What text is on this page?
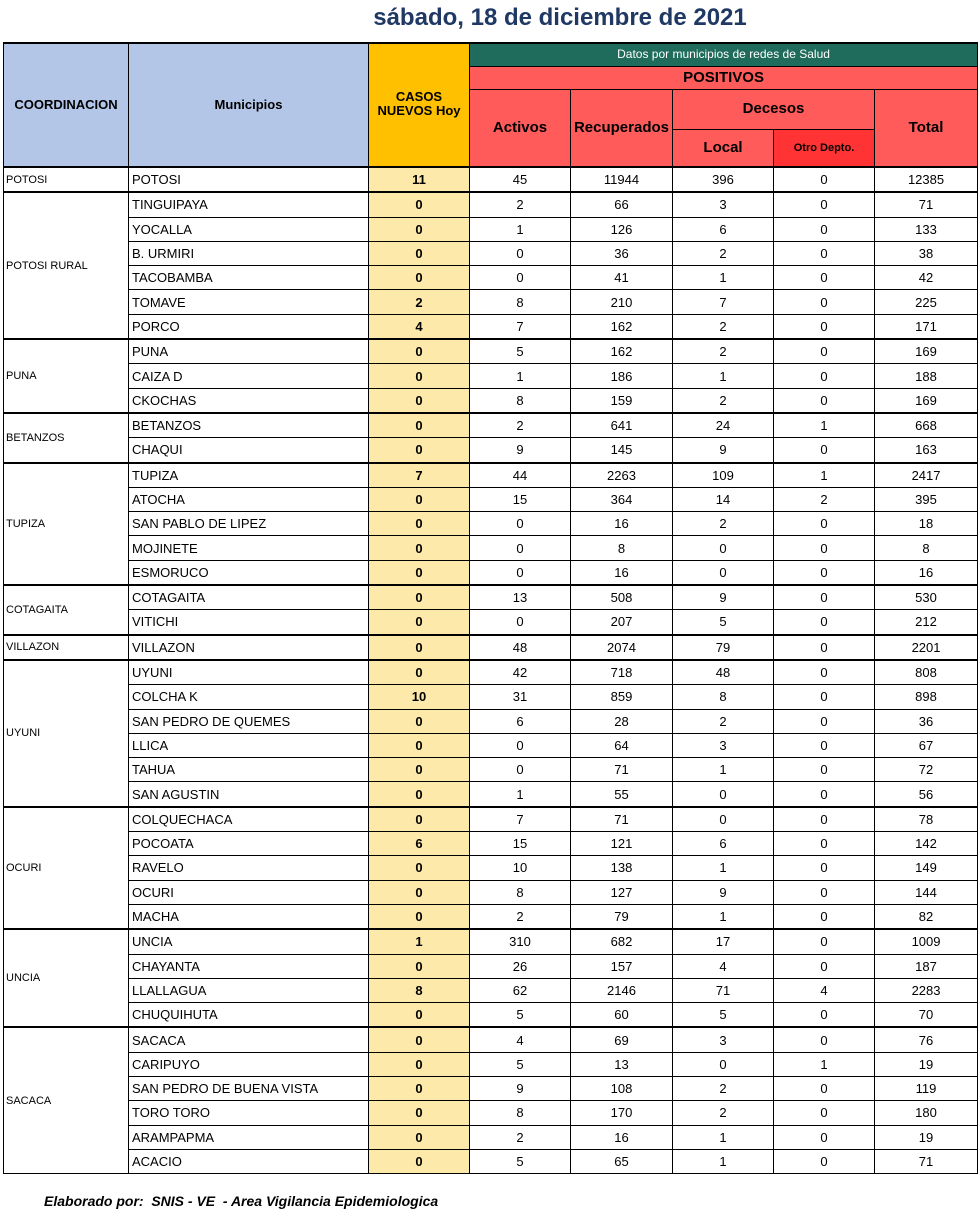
sábado, 18 de diciembre de 2021
COORDINACION	Municipios	CASOS NUEVOS Hoy	Datos por municipios de redes de Salud				
			POSITIVOS				
			Activos	Recuperados	Decesos		Total
					Local	Otro Depto.	
POTOSI	POTOSI	11	45	11944	396	0	12385
POTOSI RURAL	TINGUIPAYA	0	2	66	3	0	71
	YOCALLA	0	1	126	6	0	133
	B. URMIRI	0	0	36	2	0	38
	TACOBAMBA	0	0	41	1	0	42
	TOMAVE	2	8	210	7	0	225
	PORCO	4	7	162	2	0	171
PUNA	PUNA	0	5	162	2	0	169
	CAIZA D	0	1	186	1	0	188
	CKOCHAS	0	8	159	2	0	169
BETANZOS	BETANZOS	0	2	641	24	1	668
	CHAQUI	0	9	145	9	0	163
TUPIZA	TUPIZA	7	44	2263	109	1	2417
	ATOCHA	0	15	364	14	2	395
	SAN PABLO DE LIPEZ	0	0	16	2	0	18
	MOJINETE	0	0	8	0	0	8
	ESMORUCO	0	0	16	0	0	16
COTAGAITA	COTAGAITA	0	13	508	9	0	530
	VITICHI	0	0	207	5	0	212
VILLAZON	VILLAZON	0	48	2074	79	0	2201
UYUNI	UYUNI	0	42	718	48	0	808
	COLCHA K	10	31	859	8	0	898
	SAN PEDRO DE QUEMES	0	6	28	2	0	36
	LLICA	0	0	64	3	0	67
	TAHUA	0	0	71	1	0	72
	SAN AGUSTIN	0	1	55	0	0	56
OCURI	COLQUECHACA	0	7	71	0	0	78
	POCOATA	6	15	121	6	0	142
	RAVELO	0	10	138	1	0	149
	OCURI	0	8	127	9	0	144
	MACHA	0	2	79	1	0	82
UNCIA	UNCIA	1	310	682	17	0	1009
	CHAYANTA	0	26	157	4	0	187
	LLALLAGUA	8	62	2146	71	4	2283
	CHUQUIHUTA	0	5	60	5	0	70
SACACA	SACACA	0	4	69	3	0	76
	CARIPUYO	0	5	13	0	1	19
	SAN PEDRO DE BUENA VISTA	0	9	108	2	0	119
	TORO TORO	0	8	170	2	0	180
	ARAMPAPMA	0	2	16	1	0	19
	ACACIO	0	5	65	1	0	71
Elaborado por:  SNIS - VE  - Area Vigilancia Epidemiologica
